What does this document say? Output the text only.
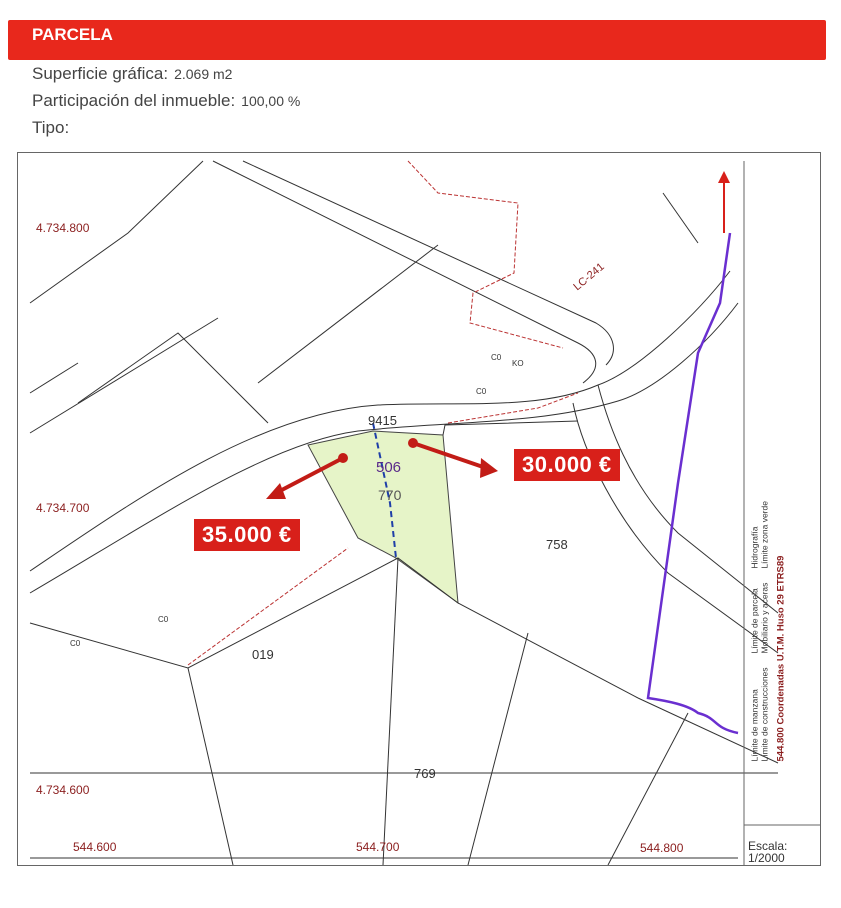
PARCELA
Superficie gráfica: 2.069 m2
Participación del inmueble: 100,00 %
Tipo:
4.734.800
4.734.700
4.734.600
544.600	544.700	544.800
LC-241
9415
506
770
758
019
769
C0
KO
C0
C0
C0
35.000 €
30.000 €
Límite de manzana Límite de construcciones
Límite de parcela Mobiliario y aceras
Hidrografía Límite zona verde
544.800 Coordenadas U.T.M. Huso 29 ETRS89
Escala:
1/2000
